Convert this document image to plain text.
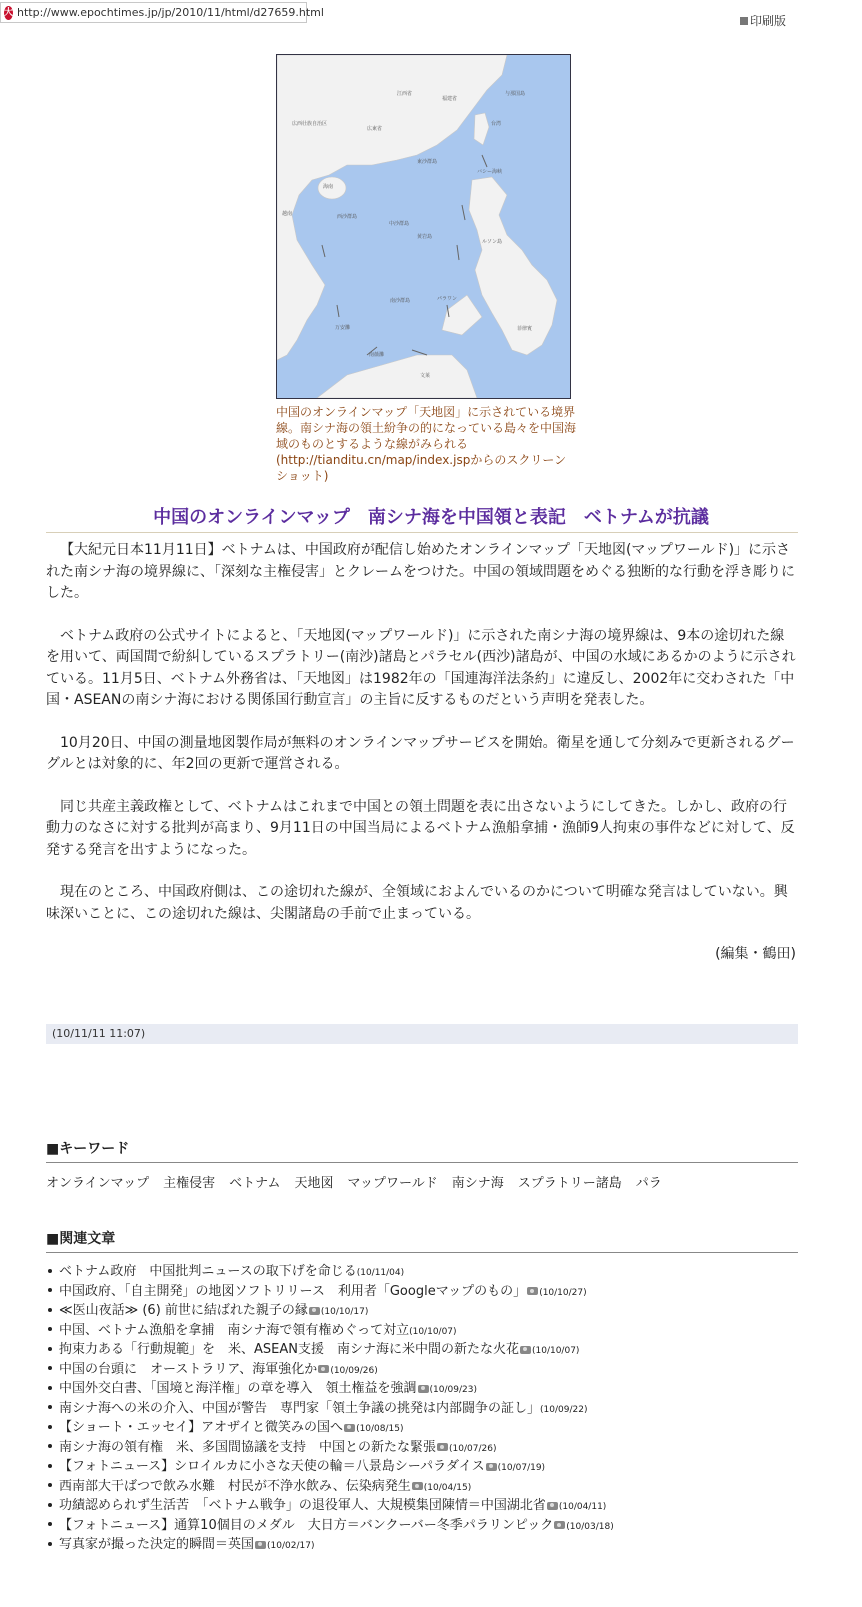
大 http://www.epochtimes.jp/jp/2010/11/html/d27659.html
印刷版
広西壮族自治区
江西省
福建省
台湾
広東省
東沙群島
西沙群島
中沙群島
黄岩島
南沙群島
万安灘
南薇灘
文莱
菲律賓
越南
海南
与那国島
バシー海峡
ルソン島
パラワン
中国のオンラインマップ「天地図」に示されている境界線。南シナ海の領土紛争の的になっている島々を中国海域のものとするような線がみられる(http://tianditu.cn/map/index.jspからのスクリーンショット)
中国のオンラインマップ　南シナ海を中国領と表記　ベトナムが抗議

【大紀元日本11月11日】ベトナムは、中国政府が配信し始めたオンラインマップ「天地図(マップワールド)」に示された南シナ海の境界線に、「深刻な主権侵害」とクレームをつけた。中国の領域問題をめぐる独断的な行動を浮き彫りにした。

ベトナム政府の公式サイトによると、「天地図(マップワールド)」に示された南シナ海の境界線は、9本の途切れた線を用いて、両国間で紛糾しているスプラトリー(南沙)諸島とパラセル(西沙)諸島が、中国の水域にあるかのように示されている。11月5日、ベトナム外務省は、「天地図」は1982年の「国連海洋法条約」に違反し、2002年に交わされた「中国・ASEANの南シナ海における関係国行動宣言」の主旨に反するものだという声明を発表した。

10月20日、中国の測量地図製作局が無料のオンラインマップサービスを開始。衛星を通して分刻みで更新されるグーグルとは対象的に、年2回の更新で運営される。

同じ共産主義政権として、ベトナムはこれまで中国との領土問題を表に出さないようにしてきた。しかし、政府の行動力のなさに対する批判が高まり、9月11日の中国当局によるベトナム漁船拿捕・漁師9人拘束の事件などに対して、反発する発言を出すようになった。

現在のところ、中国政府側は、この途切れた線が、全領域におよんでいるのかについて明確な発言はしていない。興味深いことに、この途切れた線は、尖閣諸島の手前で止まっている。

(編集・鶴田)
(10/11/11 11:07)
■キーワード
オンラインマップ 主権侵害 ベトナム 天地図 マップワールド 南シナ海 スプラトリー諸島 パラ
■関連文章
ベトナム政府　中国批判ニュースの取下げを命じる(10/11/04)
中国政府、「自主開発」の地図ソフトリリース　利用者「Googleマップのもの」 (10/10/27)
≪医山夜話≫ (6) 前世に結ばれた親子の縁 (10/10/17)
中国、ベトナム漁船を拿捕　南シナ海で領有権めぐって対立(10/10/07)
拘束力ある「行動規範」を　米、ASEAN支援　南シナ海に米中間の新たな火花 (10/10/07)
中国の台頭に　オーストラリア、海軍強化か (10/09/26)
中国外交白書、「国境と海洋権」の章を導入　領土権益を強調 (10/09/23)
南シナ海への米の介入、中国が警告　専門家「領土争議の挑発は内部闘争の証し」(10/09/22)
【ショート・エッセイ】アオザイと微笑みの国へ (10/08/15)
南シナ海の領有権　米、多国間協議を支持　中国との新たな緊張 (10/07/26)
【フォトニュース】シロイルカに小さな天使の輪＝八景島シーパラダイス (10/07/19)
西南部大干ばつで飲み水難　村民が不浄水飲み、伝染病発生 (10/04/15)
功績認められず生活苦　「ベトナム戦争」の退役軍人、大規模集団陳情＝中国湖北省 (10/04/11)
【フォトニュース】通算10個目のメダル　大日方＝バンクーバー冬季パラリンピック (10/03/18)
写真家が撮った決定的瞬間＝英国 (10/02/17)
